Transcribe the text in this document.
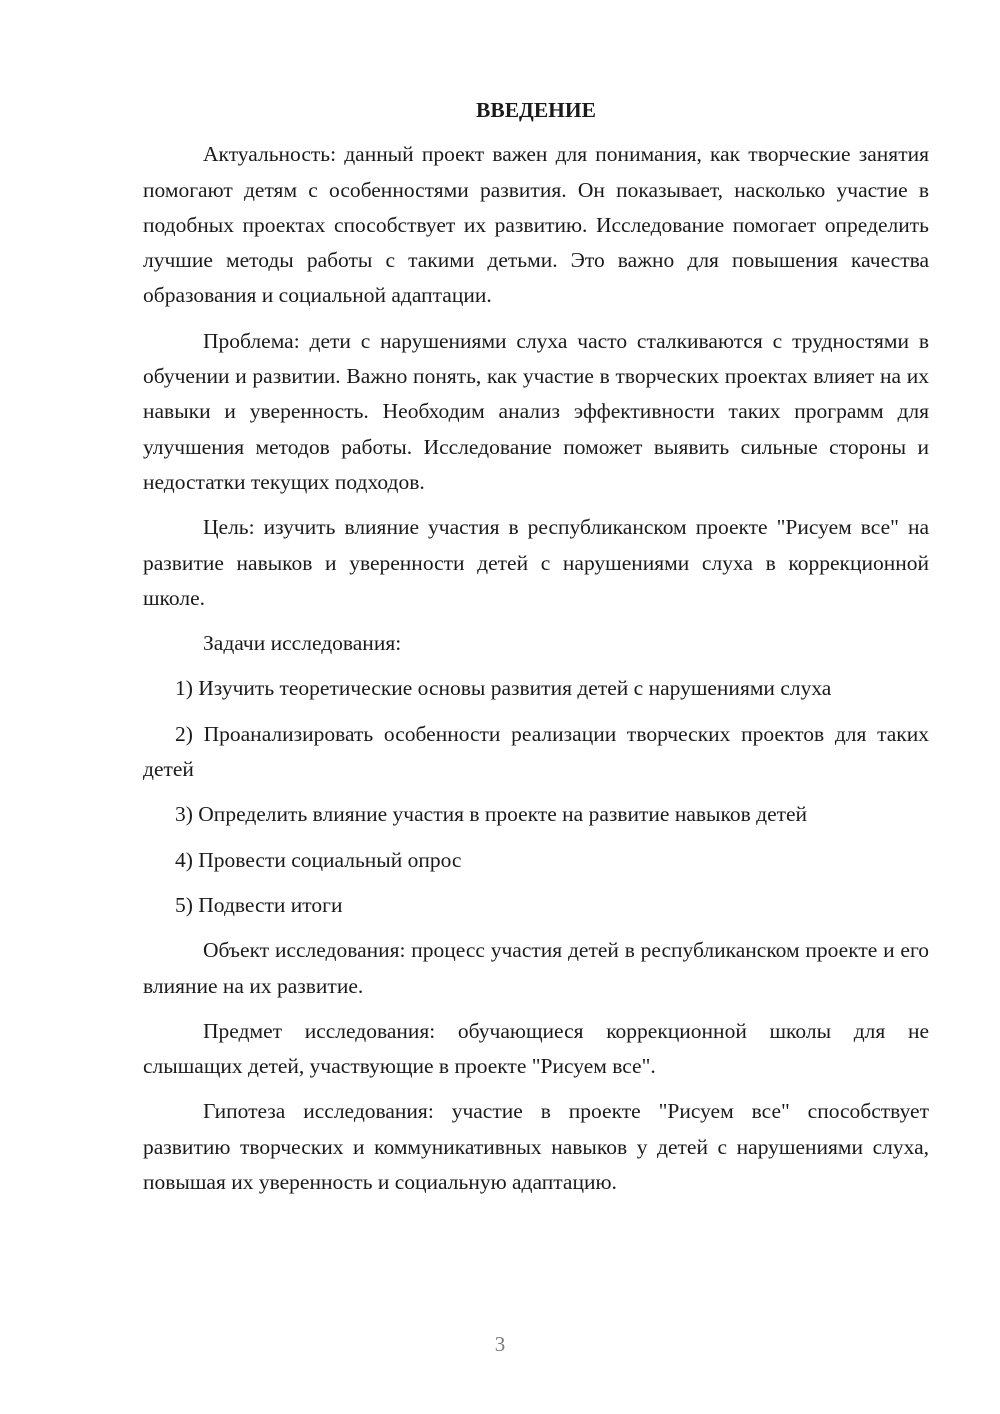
ВВЕДЕНИЕ

Актуальность: данный проект важен для понимания, как творческие занятия помогают детям с особенностями развития. Он показывает, насколько участие в подобных проектах способствует их развитию. Исследование помогает определить лучшие методы работы с такими детьми. Это важно для повышения качества образования и социальной адаптации.

Проблема: дети с нарушениями слуха часто сталкиваются с трудностями в обучении и развитии. Важно понять, как участие в творческих проектах влияет на их навыки и уверенность. Необходим анализ эффективности таких программ для улучшения методов работы. Исследование поможет выявить сильные стороны и недостатки текущих подходов.

Цель: изучить влияние участия в республиканском проекте "Рисуем все" на развитие навыков и уверенности детей с нарушениями слуха в коррекционной школе.

Задачи исследования:

1) Изучить теоретические основы развития детей с нарушениями слуха

2) Проанализировать особенности реализации творческих проектов для таких детей

3) Определить влияние участия в проекте на развитие навыков детей

4) Провести социальный опрос

5) Подвести итоги

Объект исследования: процесс участия детей в республиканском проекте и его влияние на их развитие.

Предмет исследования: обучающиеся коррекционной школы для не слышащих детей, участвующие в проекте "Рисуем все".

Гипотеза исследования: участие в проекте "Рисуем все" способствует развитию творческих и коммуникативных навыков у детей с нарушениями слуха, повышая их уверенность и социальную адаптацию.

3
